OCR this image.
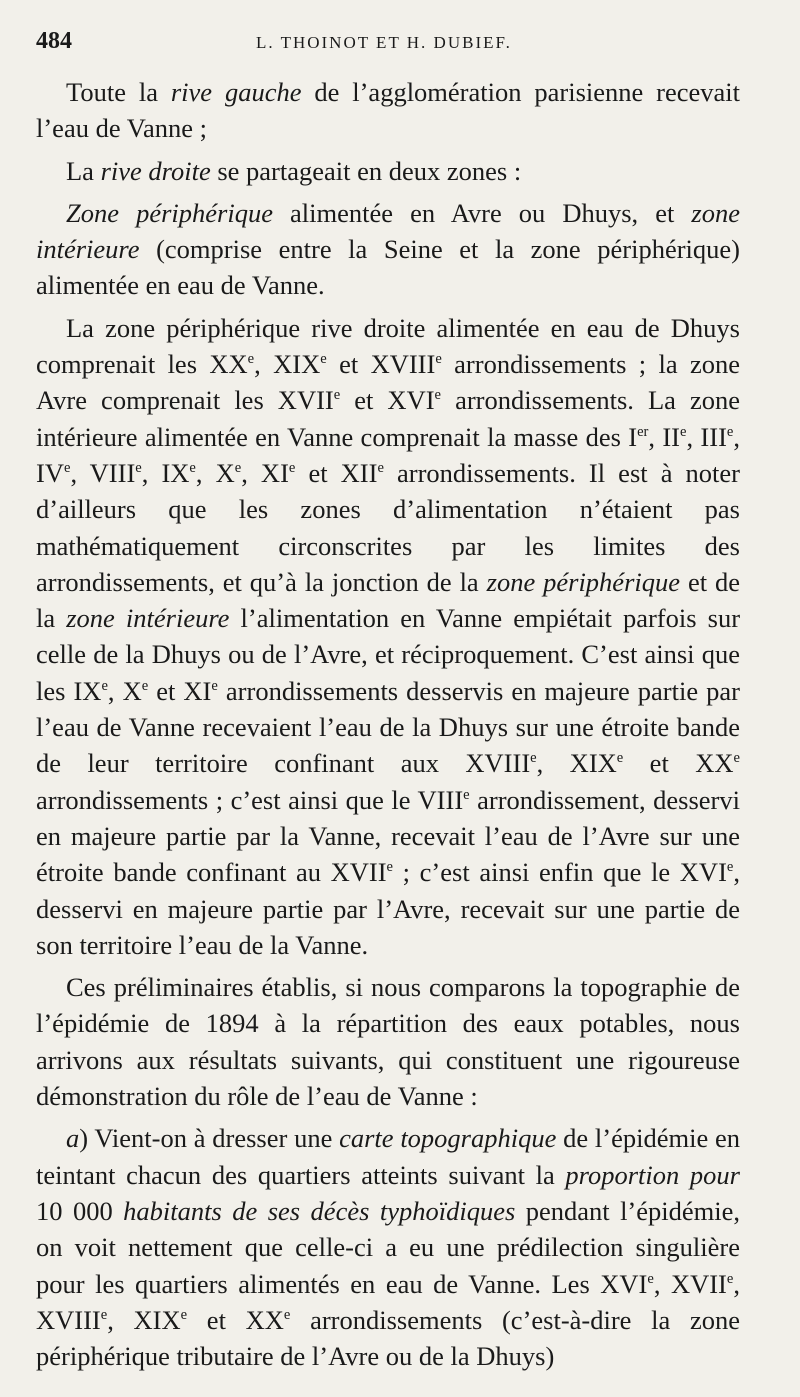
484	L. THOINOT ET H. DUBIEF.

Toute la rive gauche de l’agglomération parisienne recevait l’eau de Vanne ;

La rive droite se partageait en deux zones :

Zone périphérique alimentée en Avre ou Dhuys, et zone intérieure (comprise entre la Seine et la zone périphérique) alimentée en eau de Vanne.

La zone périphérique rive droite alimentée en eau de Dhuys comprenait les XXe, XIXe et XVIIIe arrondissements ; la zone Avre comprenait les XVIIe et XVIe arrondissements. La zone intérieure alimentée en Vanne comprenait la masse des Ier, IIe, IIIe, IVe, VIIIe, IXe, Xe, XIe et XIIe arrondissements. Il est à noter d’ailleurs que les zones d’alimentation n’étaient pas mathématiquement circonscrites par les limites des arrondissements, et qu’à la jonction de la zone périphérique et de la zone intérieure l’alimentation en Vanne empiétait parfois sur celle de la Dhuys ou de l’Avre, et réciproquement. C’est ainsi que les IXe, Xe et XIe arrondissements desservis en majeure partie par l’eau de Vanne recevaient l’eau de la Dhuys sur une étroite bande de leur territoire confinant aux XVIIIe, XIXe et XXe arrondissements ; c’est ainsi que le VIIIe arrondissement, desservi en majeure partie par la Vanne, recevait l’eau de l’Avre sur une étroite bande confinant au XVIIe ; c’est ainsi enfin que le XVIe, desservi en majeure partie par l’Avre, recevait sur une partie de son territoire l’eau de la Vanne.

Ces préliminaires établis, si nous comparons la topographie de l’épidémie de 1894 à la répartition des eaux potables, nous arrivons aux résultats suivants, qui constituent une rigoureuse démonstration du rôle de l’eau de Vanne :

a) Vient-on à dresser une carte topographique de l’épidémie en teintant chacun des quartiers atteints suivant la proportion pour 10 000 habitants de ses décès typhoïdiques pendant l’épidémie, on voit nettement que celle-ci a eu une prédilection singulière pour les quartiers alimentés en eau de Vanne. Les XVIe, XVIIe, XVIIIe, XIXe et XXe arrondissements (c’est-à-dire la zone périphérique tributaire de l’Avre ou de la Dhuys)
